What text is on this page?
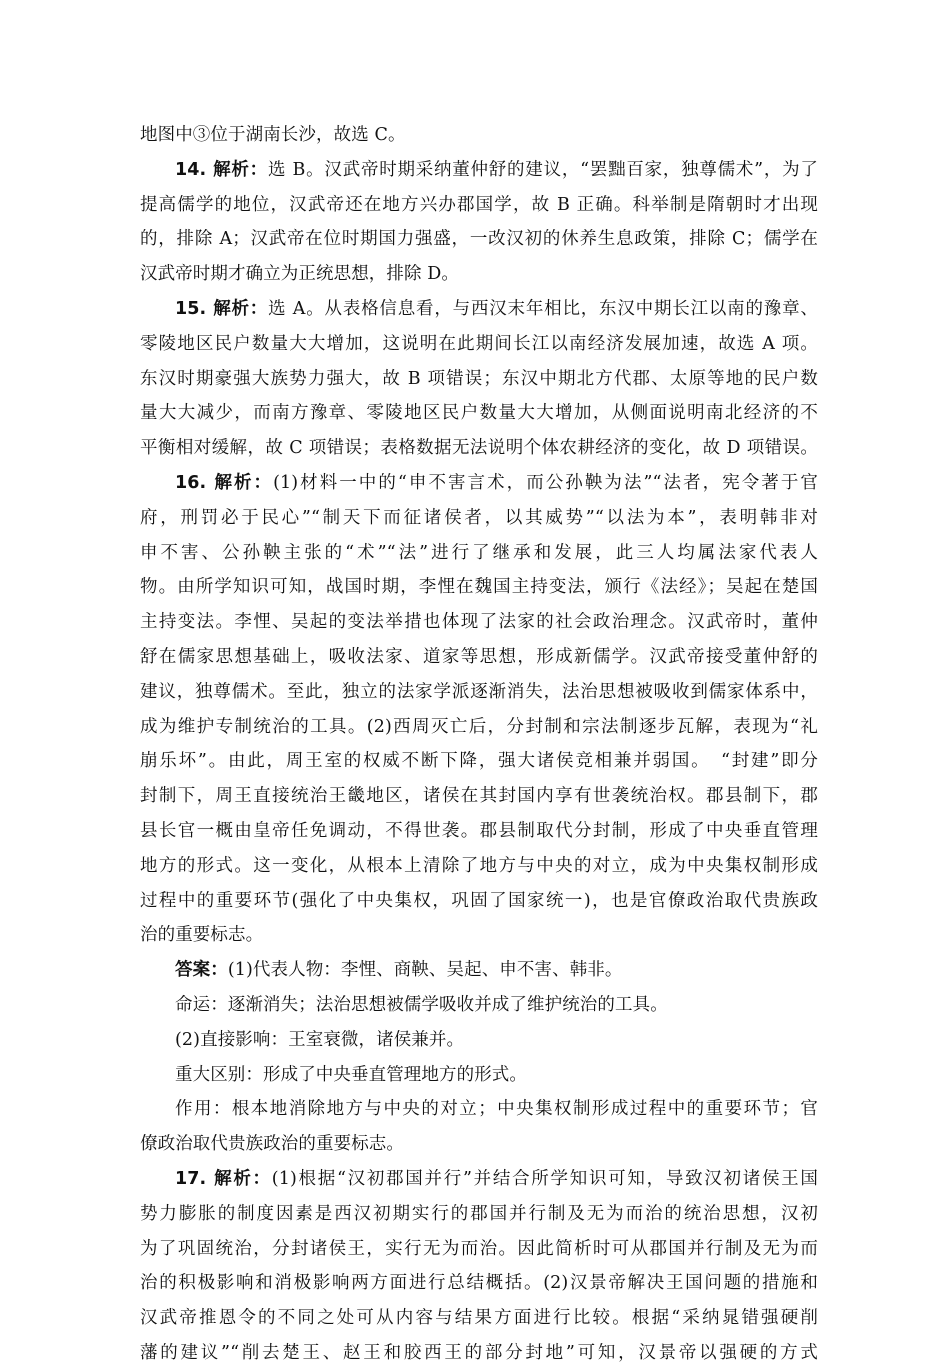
地图中③位于湖南长沙，故选 C。
14. 解析：选 B。汉武帝时期采纳董仲舒的建议，“罢黜百家，独尊儒术”，为了
提高儒学的地位，汉武帝还在地方兴办郡国学，故 B 正确。科举制是隋朝时才出现
的，排除 A；汉武帝在位时期国力强盛，一改汉初的休养生息政策，排除 C；儒学在
汉武帝时期才确立为正统思想，排除 D。
15. 解析：选 A。从表格信息看，与西汉末年相比，东汉中期长江以南的豫章、
零陵地区民户数量大大增加，这说明在此期间长江以南经济发展加速，故选 A 项。
东汉时期豪强大族势力强大，故 B 项错误；东汉中期北方代郡、太原等地的民户数
量大大减少，而南方豫章、零陵地区民户数量大大增加，从侧面说明南北经济的不
平衡相对缓解，故 C 项错误；表格数据无法说明个体农耕经济的变化，故 D 项错误。
16. 解析：(1)材料一中的“申不害言术，而公孙鞅为法”“法者，宪令著于官
府，刑罚必于民心”“制天下而征诸侯者，以其威势”“以法为本”，表明韩非对
申不害、公孙鞅主张的“术”“法”进行了继承和发展，此三人均属法家代表人
物。由所学知识可知，战国时期，李悝在魏国主持变法，颁行《法经》；吴起在楚国
主持变法。李悝、吴起的变法举措也体现了法家的社会政治理念。汉武帝时，董仲
舒在儒家思想基础上，吸收法家、道家等思想，形成新儒学。汉武帝接受董仲舒的
建议，独尊儒术。至此，独立的法家学派逐渐消失，法治思想被吸收到儒家体系中，
成为维护专制统治的工具。(2)西周灭亡后，分封制和宗法制逐步瓦解，表现为“礼
崩乐坏”。由此，周王室的权威不断下降，强大诸侯竞相兼并弱国。　“封建”即分
封制下，周王直接统治王畿地区，诸侯在其封国内享有世袭统治权。郡县制下，郡
县长官一概由皇帝任免调动，不得世袭。郡县制取代分封制，形成了中央垂直管理
地方的形式。这一变化，从根本上清除了地方与中央的对立，成为中央集权制形成
过程中的重要环节(强化了中央集权，巩固了国家统一)，也是官僚政治取代贵族政
治的重要标志。
答案：(1)代表人物：李悝、商鞅、吴起、申不害、韩非。
命运：逐渐消失；法治思想被儒学吸收并成了维护统治的工具。
(2)直接影响：王室衰微，诸侯兼并。
重大区别：形成了中央垂直管理地方的形式。
作用：根本地消除地方与中央的对立；中央集权制形成过程中的重要环节；官
僚政治取代贵族政治的重要标志。
17. 解析：(1)根据“汉初郡国并行”并结合所学知识可知，导致汉初诸侯王国
势力膨胀的制度因素是西汉初期实行的郡国并行制及无为而治的统治思想，汉初
为了巩固统治，分封诸侯王，实行无为而治。因此简析时可从郡国并行制及无为而
治的积极影响和消极影响两方面进行总结概括。(2)汉景帝解决王国问题的措施和
汉武帝推恩令的不同之处可从内容与结果方面进行比较。根据“采纳晁错强硬削
藩的建议”“削去楚王、赵王和胶西王的部分封地”可知，汉景帝以强硬的方式
